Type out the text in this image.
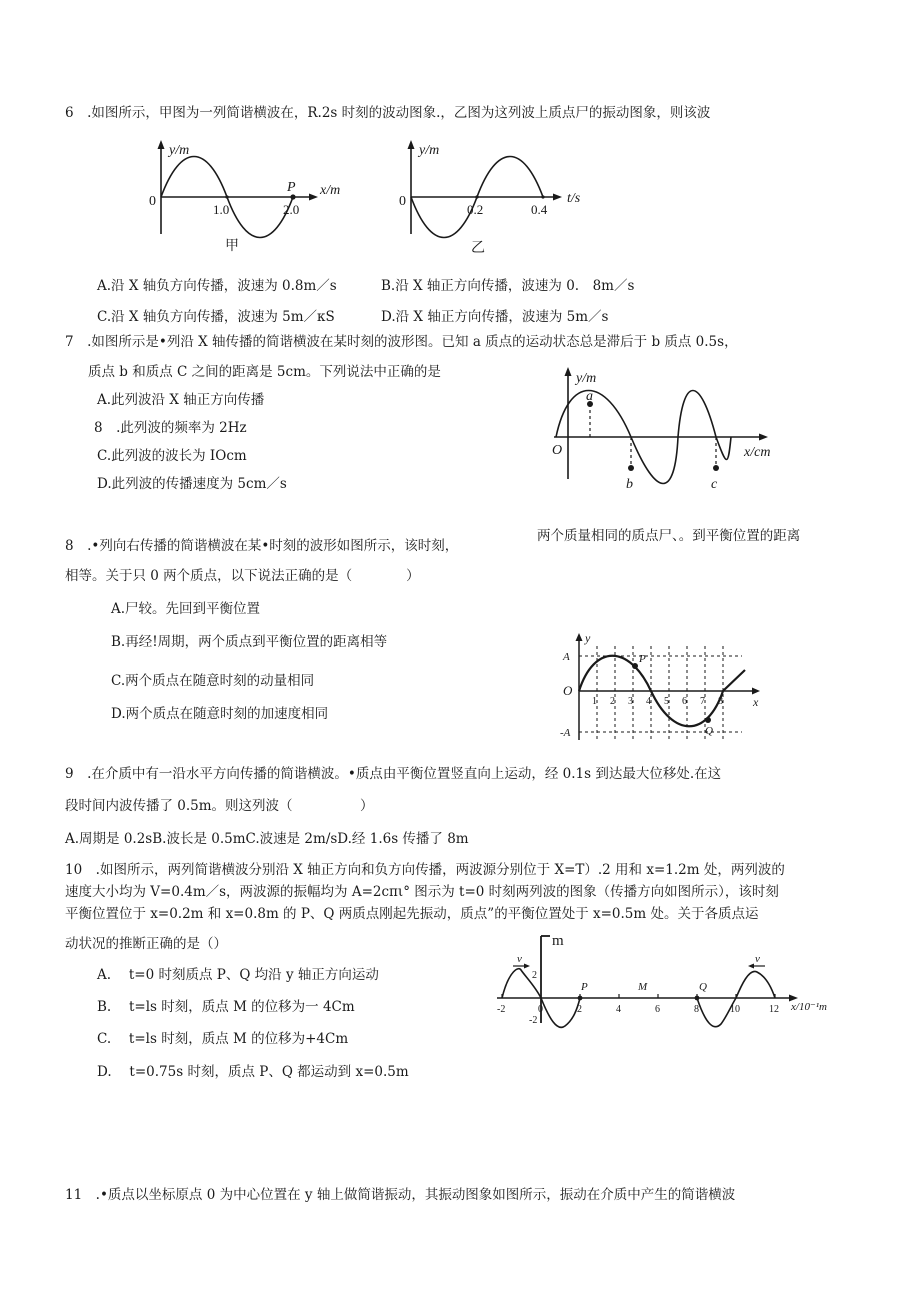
6　.如图所示，甲图为一列简谐横波在，R.2s 时刻的波动图象.，乙图为这列波上质点尸的振动图象，则该波
y/m
x/m
0
1.0	2.0
P
甲
y/m
t/s
0
0.2	0.4
乙
A.沿 X 轴负方向传播，波速为 0.8m／s	B.沿 X 轴正方向传播，波速为 0.　8m／s
C.沿 X 轴负方向传播，波速为 5m／κS	D.沿 X 轴正方向传播，波速为 5m／s
7　.如图所示是•列沿 X 轴传播的简谐横波在某时刻的波形图。已知 a 质点的运动状态总是滞后于 b 质点 0.5s，
质点 b 和质点 C 之间的距离是 5cm。下列说法中正确的是
A.此列波沿 X 轴正方向传播
8　.此列波的频率为 2Hz
C.此列波的波长为 IOcm
D.此列波的传播速度为 5cm／s
y/m
x/cm
O
a
b	c
两个质量相同的质点尸、。到平衡位置的距离
8　.•列向右传播的简谐横波在某•时刻的波形如图所示，该时刻，
相等。关于只 0 两个质点，以下说法正确的是（　　　　）
A.尸较。先回到平衡位置
B.再经!周期，两个质点到平衡位置的距离相等
C.两个质点在随意时刻的动量相同
D.两个质点在随意时刻的加速度相同
y
x
O
A
-A
P
Q
1 2 3 4 5 6 7 8
9　.在介质中有一沿水平方向传播的简谐横波。•质点由平衡位置竖直向上运动，经 0.1s 到达最大位移处.在这
段时间内波传播了 0.5m。则这列波（　　　　　）
A.周期是 0.2sB.波长是 0.5mC.波速是 2m/sD.经 1.6s 传播了 8m
10　.如图所示，两列简谐横波分别沿 X 轴正方向和负方向传播，两波源分别位于 X=T）.2 用和 x=1.2m 处，两列波的
速度大小均为 V=0.4m／s，两波源的振幅均为 A=2cπι° 图示为 t=0 时刻两列波的图象（传播方向如图所示），该时刻
平衡位置位于 x=0.2m 和 x=0.8m 的 P、Q 两质点刚起先振动，质点”的平衡位置处于 x=0.5m 处。关于各质点运
动状况的推断正确的是（）
A.　 t=0 时刻质点 P、Q 均沿 y 轴正方向运动
B.　 t=ls 时刻，质点 M 的位移为一 4Cm
C.　 t=ls 时刻，质点 M 的位移为+4Cm
D.　 t=0.75s 时刻，质点 P、Q 都运动到 x=0.5m
v	v
m
x/10⁻¹m
2
-2
0
P	M	Q
-2	2	4	6	8	10	12
11　.•质点以坐标原点 0 为中心位置在 y 轴上做简谐振动，其振动图象如图所示，振动在介质中产生的简谐横波
